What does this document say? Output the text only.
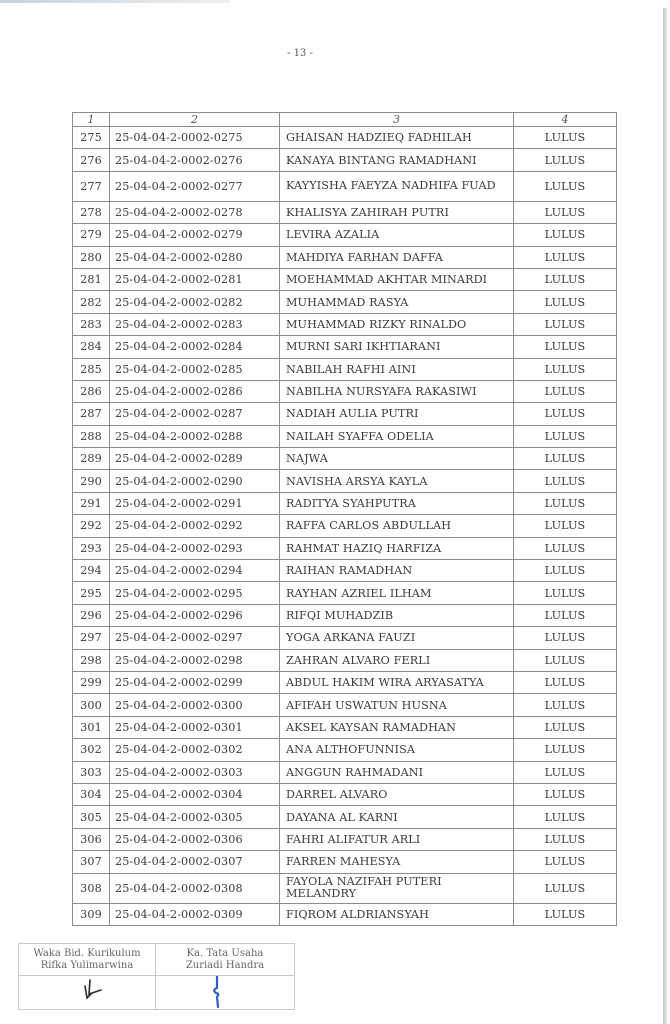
- 13 -
1	2	3	4
275	25-04-04-2-0002-0275	GHAISAN HADZIEQ FADHILAH	LULUS
276	25-04-04-2-0002-0276	KANAYA BINTANG RAMADHANI	LULUS
277	25-04-04-2-0002-0277	KAYYISHA FAEYZA NADHIFA FUAD	LULUS
278	25-04-04-2-0002-0278	KHALISYA ZAHIRAH PUTRI	LULUS
279	25-04-04-2-0002-0279	LEVIRA AZALIA	LULUS
280	25-04-04-2-0002-0280	MAHDIYA FARHAN DAFFA	LULUS
281	25-04-04-2-0002-0281	MOEHAMMAD AKHTAR MINARDI	LULUS
282	25-04-04-2-0002-0282	MUHAMMAD RASYA	LULUS
283	25-04-04-2-0002-0283	MUHAMMAD RIZKY RINALDO	LULUS
284	25-04-04-2-0002-0284	MURNI SARI IKHTIARANI	LULUS
285	25-04-04-2-0002-0285	NABILAH RAFHI AINI	LULUS
286	25-04-04-2-0002-0286	NABILHA NURSYAFA RAKASIWI	LULUS
287	25-04-04-2-0002-0287	NADIAH AULIA PUTRI	LULUS
288	25-04-04-2-0002-0288	NAILAH SYAFFA ODELIA	LULUS
289	25-04-04-2-0002-0289	NAJWA	LULUS
290	25-04-04-2-0002-0290	NAVISHA ARSYA KAYLA	LULUS
291	25-04-04-2-0002-0291	RADITYA SYAHPUTRA	LULUS
292	25-04-04-2-0002-0292	RAFFA CARLOS ABDULLAH	LULUS
293	25-04-04-2-0002-0293	RAHMAT HAZIQ HARFIZA	LULUS
294	25-04-04-2-0002-0294	RAIHAN RAMADHAN	LULUS
295	25-04-04-2-0002-0295	RAYHAN AZRIEL ILHAM	LULUS
296	25-04-04-2-0002-0296	RIFQI MUHADZIB	LULUS
297	25-04-04-2-0002-0297	YOGA ARKANA FAUZI	LULUS
298	25-04-04-2-0002-0298	ZAHRAN ALVARO FERLI	LULUS
299	25-04-04-2-0002-0299	ABDUL HAKIM WIRA ARYASATYA	LULUS
300	25-04-04-2-0002-0300	AFIFAH USWATUN HUSNA	LULUS
301	25-04-04-2-0002-0301	AKSEL KAYSAN RAMADHAN	LULUS
302	25-04-04-2-0002-0302	ANA ALTHOFUNNISA	LULUS
303	25-04-04-2-0002-0303	ANGGUN RAHMADANI	LULUS
304	25-04-04-2-0002-0304	DARREL ALVARO	LULUS
305	25-04-04-2-0002-0305	DAYANA AL KARNI	LULUS
306	25-04-04-2-0002-0306	FAHRI ALIFATUR ARLI	LULUS
307	25-04-04-2-0002-0307	FARREN MAHESYA	LULUS
308	25-04-04-2-0002-0308	FAYOLA NAZIFAH PUTERI MELANDRY	LULUS
309	25-04-04-2-0002-0309	FIQROM ALDRIANSYAH	LULUS
Waka Bid. Kurikulum
Rifka Yulimarwina
Ka. Tata Usaha
Zuriadi Handra
